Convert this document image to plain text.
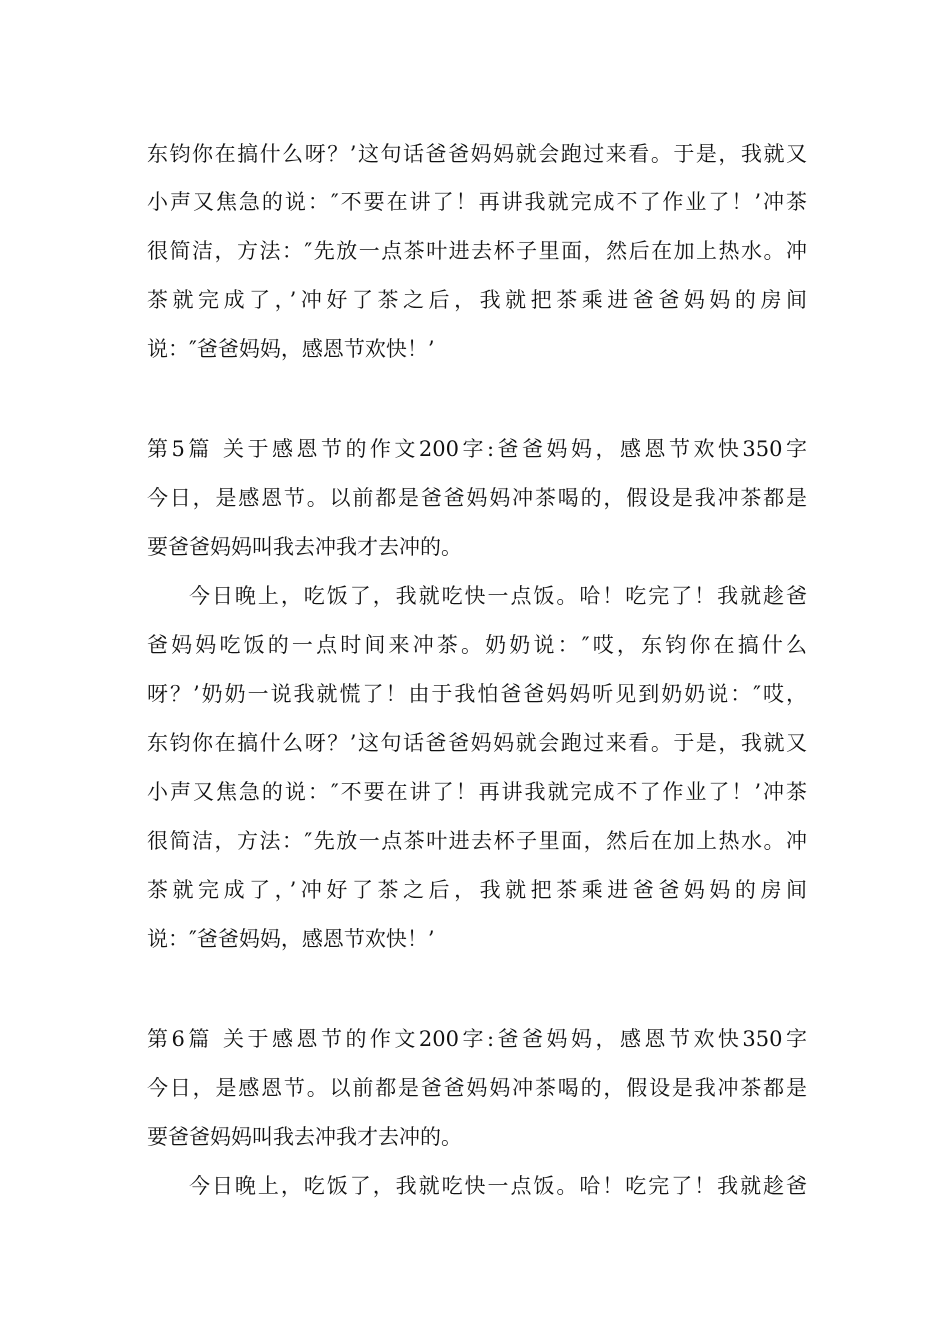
东钧你在搞什么呀？’这句话爸爸妈妈就会跑过来看。于是，我就又

小声又焦急的说：″不要在讲了！再讲我就完成不了作业了！’冲茶

很简洁，方法：″先放一点茶叶进去杯子里面，然后在加上热水。冲

茶就完成了，’冲好了茶之后，我就把茶乘进爸爸妈妈的房间

说：″爸爸妈妈，感恩节欢快！’

第5篇 关于感恩节的作文200字:爸爸妈妈，感恩节欢快350字

今日，是感恩节。以前都是爸爸妈妈冲茶喝的，假设是我冲茶都是

要爸爸妈妈叫我去冲我才去冲的。

今日晚上，吃饭了，我就吃快一点饭。哈！吃完了！我就趁爸

爸妈妈吃饭的一点时间来冲茶。奶奶说：″哎，东钧你在搞什么

呀？’奶奶一说我就慌了！由于我怕爸爸妈妈听见到奶奶说：″哎，

东钧你在搞什么呀？’这句话爸爸妈妈就会跑过来看。于是，我就又

小声又焦急的说：″不要在讲了！再讲我就完成不了作业了！’冲茶

很简洁，方法：″先放一点茶叶进去杯子里面，然后在加上热水。冲

茶就完成了，’冲好了茶之后，我就把茶乘进爸爸妈妈的房间

说：″爸爸妈妈，感恩节欢快！’

第6篇 关于感恩节的作文200字:爸爸妈妈，感恩节欢快350字

今日，是感恩节。以前都是爸爸妈妈冲茶喝的，假设是我冲茶都是

要爸爸妈妈叫我去冲我才去冲的。

今日晚上，吃饭了，我就吃快一点饭。哈！吃完了！我就趁爸
